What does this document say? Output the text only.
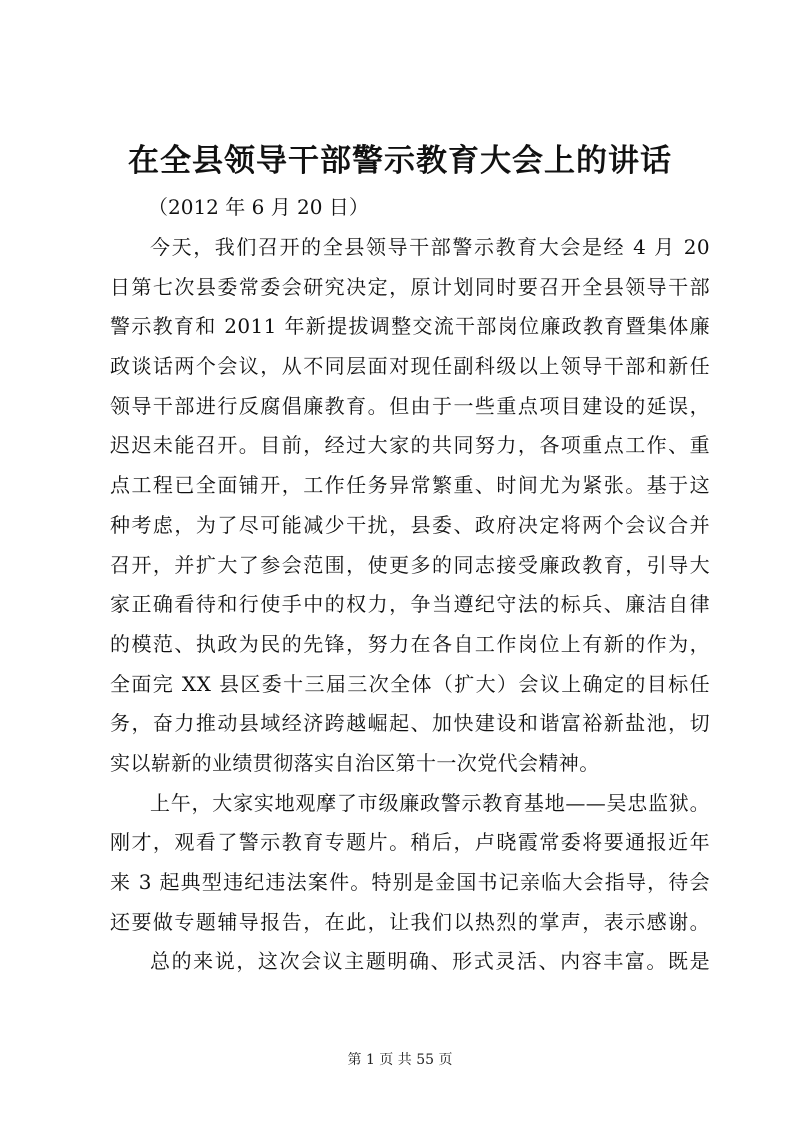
在全县领导干部警示教育大会上的讲话

（2012 年 6 月 20 日）

今天，我们召开的全县领导干部警示教育大会是经 4 月 20
日第七次县委常委会研究决定，原计划同时要召开全县领导干部
警示教育和 2011 年新提拔调整交流干部岗位廉政教育暨集体廉
政谈话两个会议，从不同层面对现任副科级以上领导干部和新任
领导干部进行反腐倡廉教育。但由于一些重点项目建设的延误，
迟迟未能召开。目前，经过大家的共同努力，各项重点工作、重
点工程已全面铺开，工作任务异常繁重、时间尤为紧张。基于这
种考虑，为了尽可能减少干扰，县委、政府决定将两个会议合并
召开，并扩大了参会范围，使更多的同志接受廉政教育，引导大
家正确看待和行使手中的权力，争当遵纪守法的标兵、廉洁自律
的模范、执政为民的先锋，努力在各自工作岗位上有新的作为，
全面完 XX 县区委十三届三次全体（扩大）会议上确定的目标任
务，奋力推动县域经济跨越崛起、加快建设和谐富裕新盐池，切
实以崭新的业绩贯彻落实自治区第十一次党代会精神。
上午，大家实地观摩了市级廉政警示教育基地——吴忠监狱。
刚才，观看了警示教育专题片。稍后，卢晓霞常委将要通报近年
来 3 起典型违纪违法案件。特别是金国书记亲临大会指导，待会
还要做专题辅导报告，在此，让我们以热烈的掌声，表示感谢。
总的来说，这次会议主题明确、形式灵活、内容丰富。既是
第 1 页 共 55 页
